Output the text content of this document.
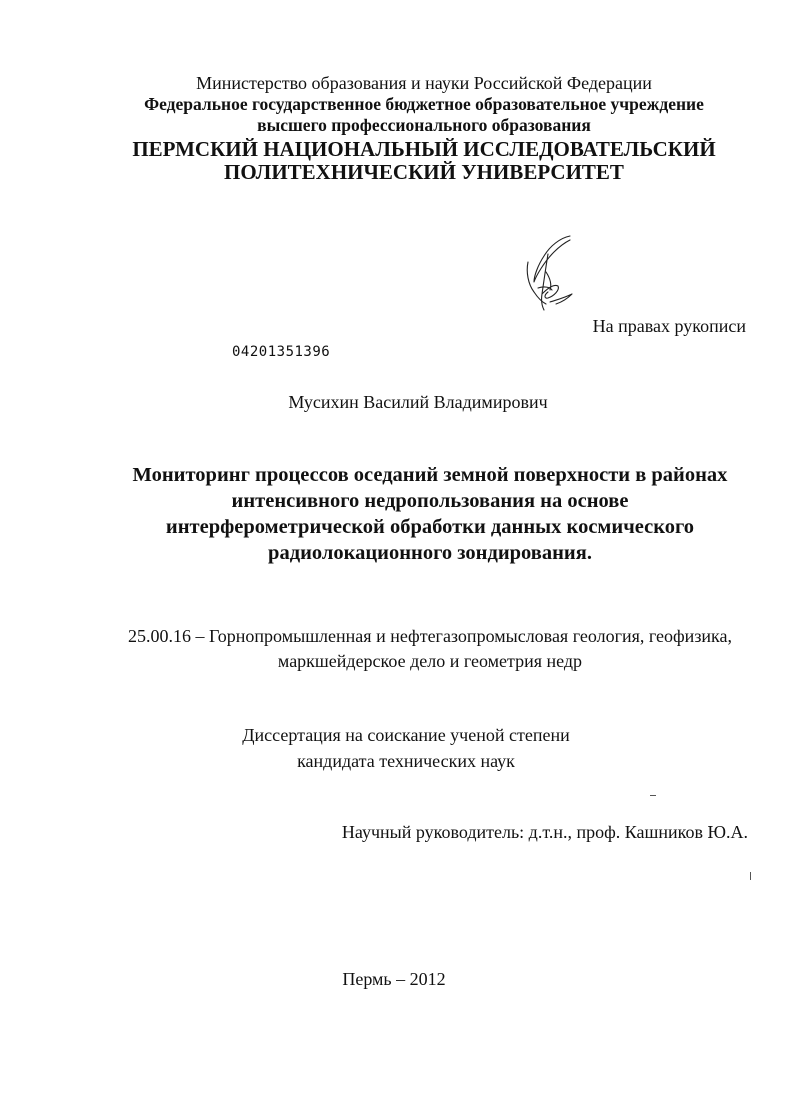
Министерство образования и науки Российской Федерации

Федеральное государственное бюджетное образовательное учреждение

высшего профессионального образования

ПЕРМСКИЙ НАЦИОНАЛЬНЫЙ ИССЛЕДОВАТЕЛЬСКИЙ

ПОЛИТЕХНИЧЕСКИЙ УНИВЕРСИТЕТ

На правах рукописи
04201351396

Мусихин Василий Владимирович

Мониторинг процессов оседаний земной поверхности в районах
интенсивного недропользования на основе
интерферометрической обработки данных космического
радиолокационного зондирования.
25.00.16 – Горнопромышленная и нефтегазопромысловая геология, геофизика,
маркшейдерское дело и геометрия недр
Диссертация на соискание ученой степени
кандидата технических наук
Научный руководитель: д.т.н., проф. Кашников Ю.А.
Пермь – 2012
